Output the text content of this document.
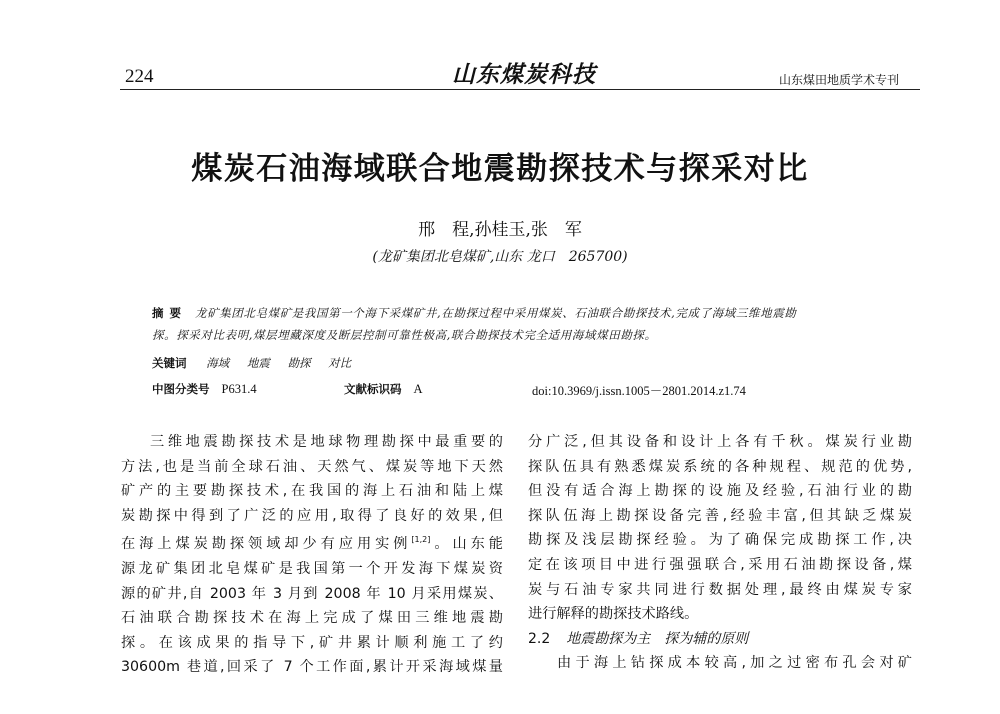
224	山东煤炭科技	山东煤田地质学术专刊
煤炭石油海域联合地震勘探技术与探采对比
邢　程,孙桂玉,张　军
(龙矿集团北皂煤矿,山东 龙口　265700)
摘要 龙矿集团北皂煤矿是我国第一个海下采煤矿井,在勘探过程中采用煤炭、石油联合勘探技术,完成了海域三维地震勘
探。探采对比表明,煤层埋藏深度及断层控制可靠性极高,联合勘探技术完全适用海域煤田勘探。
关键词 海域 地震 勘探 对比
中图分类号 P631.4	文献标识码 A	doi:10.3969/j.issn.1005－2801.2014.z1.74
三维地震勘探技术是地球物理勘探中最重要的
方法,也是当前全球石油、天然气、煤炭等地下天然
矿产的主要勘探技术,在我国的海上石油和陆上煤
炭勘探中得到了广泛的应用,取得了良好的效果,但
在海上煤炭勘探领域却少有应用实例[1,2]。山东能
源龙矿集团北皂煤矿是我国第一个开发海下煤炭资
源的矿井,自 2003 年 3 月到 2008 年 10 月采用煤炭、
石油联合勘探技术在海上完成了煤田三维地震勘
探。在该成果的指导下,矿井累计顺利施工了约
30600m 巷道,回采了 7 个工作面,累计开采海域煤量
分广泛,但其设备和设计上各有千秋。煤炭行业勘
探队伍具有熟悉煤炭系统的各种规程、规范的优势,
但没有适合海上勘探的设施及经验,石油行业的勘
探队伍海上勘探设备完善,经验丰富,但其缺乏煤炭
勘探及浅层勘探经验。为了确保完成勘探工作,决
定在该项目中进行强强联合,采用石油勘探设备,煤
炭与石油专家共同进行数据处理,最终由煤炭专家
进行解释的勘探技术路线。
2.2 地震勘探为主　探为辅的原则
由于海上钻探成本较高,加之过密布孔会对矿
